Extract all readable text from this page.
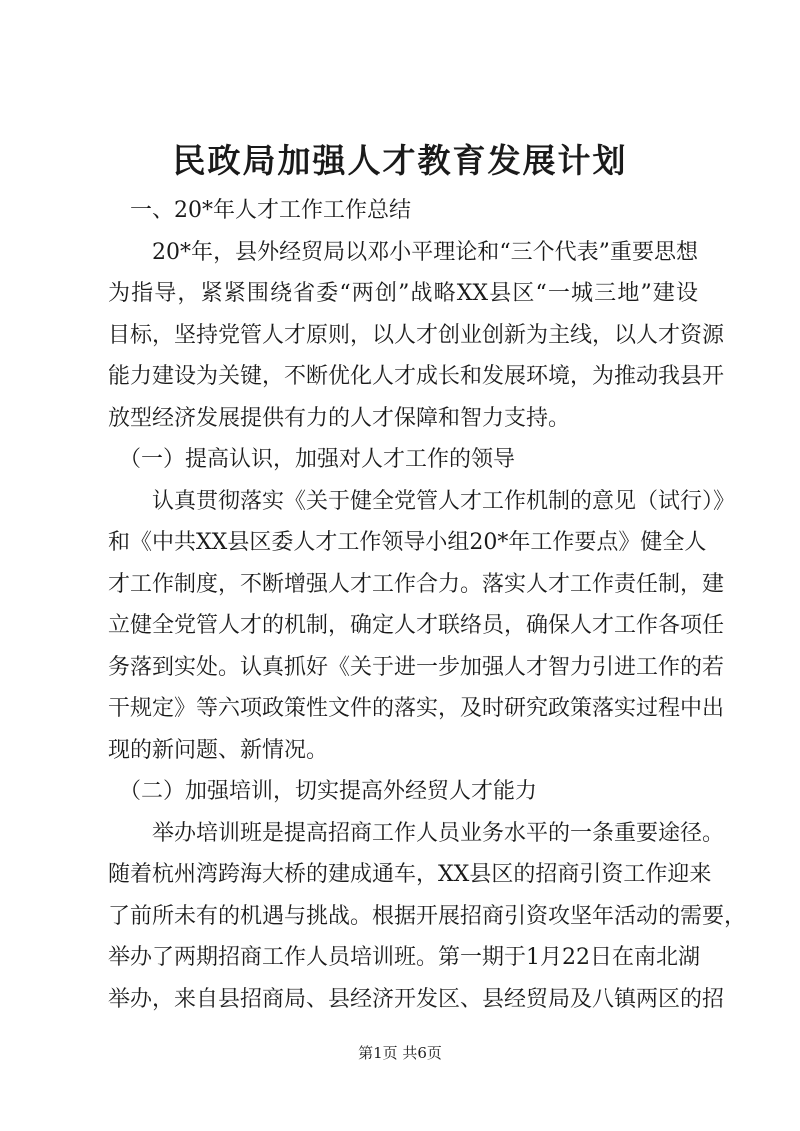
民政局加强人才教育发展计划
　一、20*年人才工作工作总结
　　20*年，县外经贸局以邓小平理论和“三个代表”重要思想
为指导，紧紧围绕省委“两创”战略XX县区“一城三地”建设
目标，坚持党管人才原则，以人才创业创新为主线，以人才资源
能力建设为关键，不断优化人才成长和发展环境，为推动我县开
放型经济发展提供有力的人才保障和智力支持。
　（一）提高认识，加强对人才工作的领导
　　认真贯彻落实《关于健全党管人才工作机制的意见（试行）》
和《中共XX县区委人才工作领导小组20*年工作要点》健全人
才工作制度，不断增强人才工作合力。落实人才工作责任制，建
立健全党管人才的机制，确定人才联络员，确保人才工作各项任
务落到实处。认真抓好《关于进一步加强人才智力引进工作的若
干规定》等六项政策性文件的落实，及时研究政策落实过程中出
现的新问题、新情况。
　（二）加强培训，切实提高外经贸人才能力
　　举办培训班是提高招商工作人员业务水平的一条重要途径。
随着杭州湾跨海大桥的建成通车，XX县区的招商引资工作迎来
了前所未有的机遇与挑战。根据开展招商引资攻坚年活动的需要，
举办了两期招商工作人员培训班。第一期于1月22日在南北湖
举办，来自县招商局、县经济开发区、县经贸局及八镇两区的招
第1页 共6页
